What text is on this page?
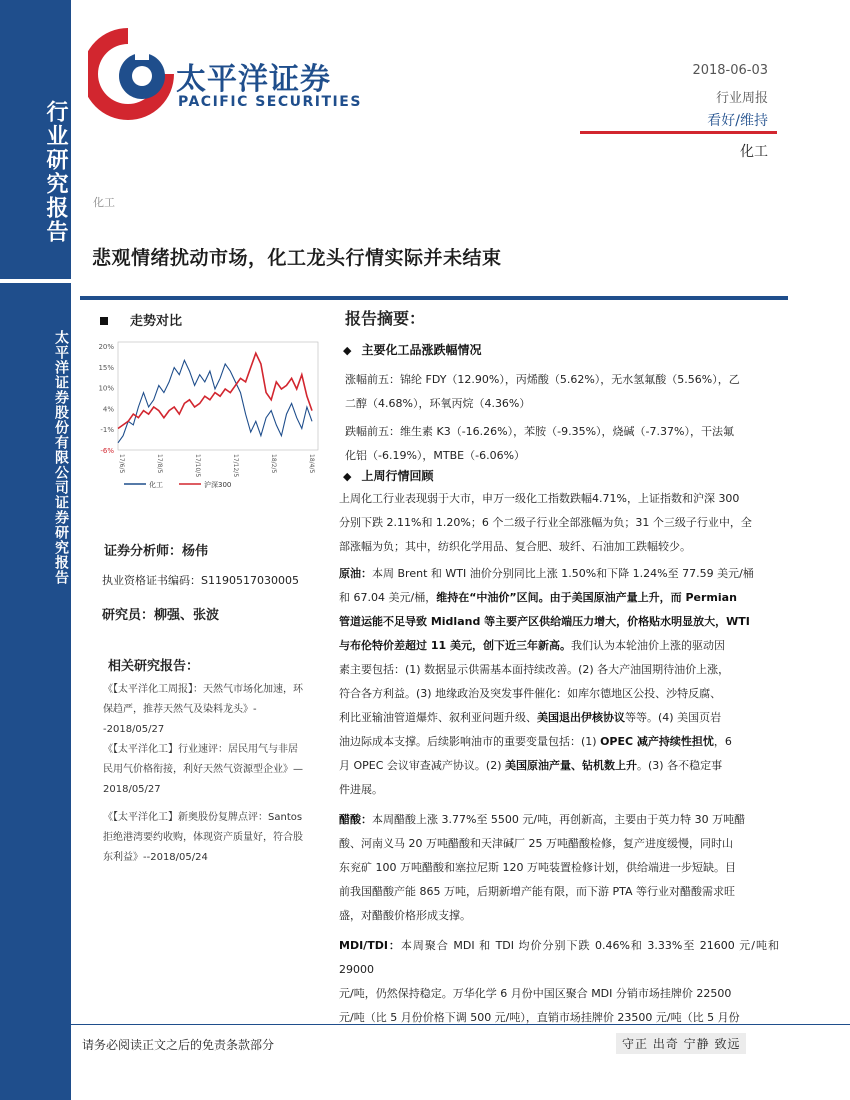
行业研究报告
太平洋证券股份有限公司证券研究报告
太平洋证券
PACIFIC SECURITIES
2018-06-03
行业周报
看好/维持
化工
化工
悲观情绪扰动市场，化工龙头行情实际并未结束
走势对比
20%
15%
10%
4%
-1%
-6%
17/6/5	17/8/5	17/10/5	17/12/5	18/2/5	18/4/5
化工	沪深300
证券分析师：杨伟
执业资格证书编码：S1190517030005
研究员：柳强、张波
相关研究报告：
《【太平洋化工周报】：天然气市场化加速，环保趋严，推荐天然气及染料龙头》--2018/05/27
《【太平洋化工】行业速评：居民用气与非居民用气价格衔接，利好天然气资源型企业》—2018/05/27
《【太平洋化工】新奥股份复牌点评：Santos拒绝港湾要约收购，体现资产质量好，符合股东利益》--2018/05/24
报告摘要：
◆ 主要化工品涨跌幅情况
涨幅前五：锦纶 FDY（12.90%），丙烯酸（5.62%），无水氢氟酸（5.56%），乙
二醇（4.68%），环氧丙烷（4.36%）
跌幅前五：维生素 K3（-16.26%），苯胺（-9.35%），烧碱（-7.37%），干法氟
化铝（-6.19%），MTBE（-6.06%）
◆ 上周行情回顾
上周化工行业表现弱于大市，申万一级化工指数跌幅4.71%，上证指数和沪深 300
分别下跌 2.11%和 1.20%；6 个二级子行业全部涨幅为负；31 个三级子行业中，全
部涨幅为负；其中，纺织化学用品、复合肥、玻纤、石油加工跌幅较少。
原油：本周 Brent 和 WTI 油价分别同比上涨 1.50%和下降 1.24%至 77.59 美元/桶
和 67.04 美元/桶，维持在“中油价”区间。由于美国原油产量上升，而 Permian
管道运能不足导致 Midland 等主要产区供给端压力增大，价格贴水明显放大，WTI
与布伦特价差超过 11 美元，创下近三年新高。我们认为本轮油价上涨的驱动因
素主要包括：(1) 数据显示供需基本面持续改善。(2) 各大产油国期待油价上涨，
符合各方利益。(3) 地缘政治及突发事件催化：如库尔德地区公投、沙特反腐、
利比亚输油管道爆炸、叙利亚问题升级、美国退出伊核协议等等。(4) 美国页岩
油边际成本支撑。后续影响油市的重要变量包括：(1) OPEC 减产持续性担忧，6
月 OPEC 会议审查减产协议。(2) 美国原油产量、钻机数上升。(3) 各不稳定事
件进展。
醋酸：本周醋酸上涨 3.77%至 5500 元/吨，再创新高，主要由于英力特 30 万吨醋
酸、河南义马 20 万吨醋酸和天津碱厂 25 万吨醋酸检修，复产进度缓慢，同时山
东兖矿 100 万吨醋酸和塞拉尼斯 120 万吨装置检修计划，供给端进一步短缺。目
前我国醋酸产能 865 万吨，后期新增产能有限，而下游 PTA 等行业对醋酸需求旺
盛，对醋酸价格形成支撑。
MDI/TDI：本周聚合 MDI 和 TDI 均价分别下跌 0.46%和 3.33%至 21600 元/吨和 29000
元/吨，仍然保持稳定。万华化学 6 月份中国区聚合 MDI 分销市场挂牌价 22500
元/吨（比 5 月份价格下调 500 元/吨），直销市场挂牌价 23500 元/吨（比 5 月份
请务必阅读正文之后的免责条款部分	守正 出奇 宁静 致远
